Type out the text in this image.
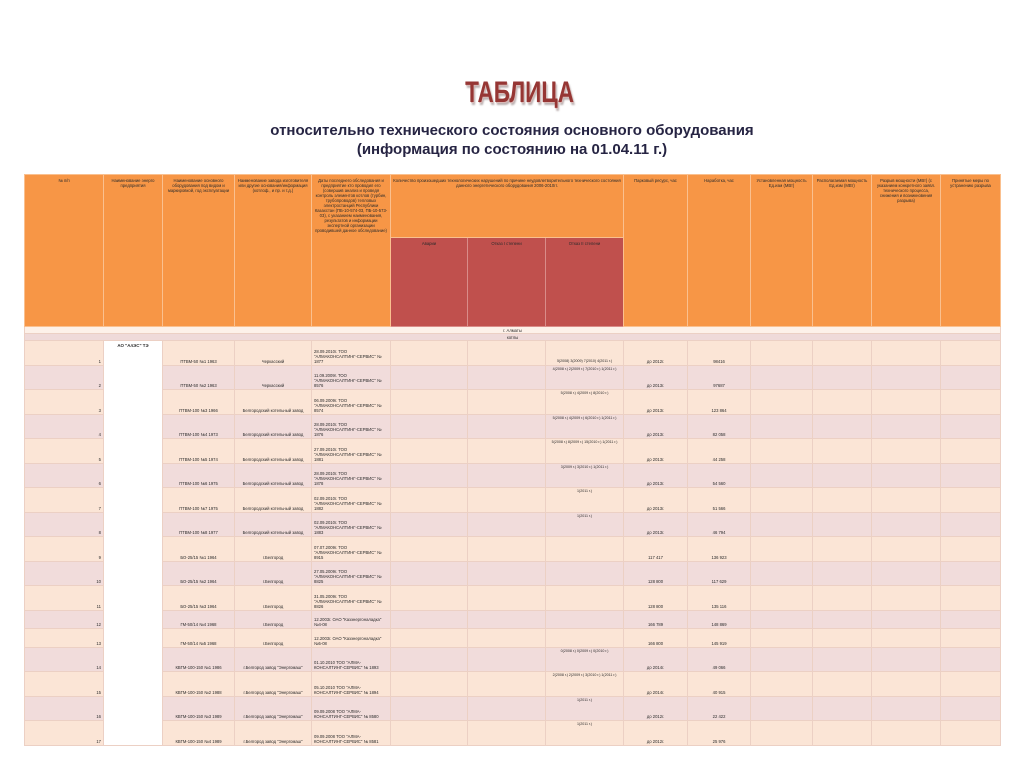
ТАБЛИЦА
относительно технического состояния основного оборудования
(информация по состоянию на 01.04.11 г.)
№ п/п	Наименование энерго предприятия	Наименование основного оборудования под видом и маркировкой, год эксплуатации	Наименование завода изготовителя или другие основания/информация (котлоф., и пр. и т.д.)	Даты последнего обследования и предприятие кто проводил его (совершив анализ и проведя контроль элементов котлов (турбин, трубопроводов) тепловых электростанций Республики Казахстан (ПБ-10-574-03, ПБ-10-573-03), с указанием наименования, результатов и информации экспертной организации проводившей данное обследование)	Количество произошедших технологических нарушений по причине неудовлетворительного технического состояния данного энергетического оборудования 2006-2010гг.			Парковый ресурс, час	Наработка, час	Установленная мощность Ед.изм (МВт)	Располагаемая мощность Ед.изм (МВт)	Разрыв мощности (МВт) (с указанием конкретного заявл. технического процесса, снижения и возникновения разрыва)	Принятые меры по устранению разрыва
					Аварии	Отказ I степени	Отказ II степени						
г. Алматы													
котлы													
1	АО "АлЭС" ТЭ	ПТВМ-50 №1 1963	Черкасский	28.09.2010г. ТОО "АЛМАКОНСАЛТИНГ-СЕРВИС" № 1877			5(2008) 3(2009) 7(2010) 4(2011 г.)	до 2012г.	98416				
2		ПТВМ-50 №2 1963	Черкасский	11.09.2009г. ТОО "АЛМАКОНСАЛТИНГ-СЕРВИС" № 8576			4(2008 г.) 2(2009 г.) 7(2010 г.) 1(2011 г.)	до 2013г.	97687				
3		ПТВМ-100 №3 1966	Белгородский котельный завод	06.09.2009г. ТОО "АЛМАКОНСАЛТИНГ-СЕРВИС" № 8574			5(2008 г.) 4(2009 г.) 8(2010 г.)	до 2013г.	123 864				
4		ПТВМ-100 №4 1973	Белгородский котельный завод	28.09.2010г. ТОО "АЛМАКОНСАЛТИНГ-СЕРВИС" № 1876			5(2008 г.) 4(2009 г.) 6(2010 г.) 1(2011 г.)	до 2013г.	82 058				
5		ПТВМ-100 №5 1974	Белгородский котельный завод	27.09.2010г. ТОО "АЛМАКОНСАЛТИНГ-СЕРВИС" № 1881			5(2008 г.) 8(2009 г.) 15(2010 г.) 1(2011 г.)	до 2013г.	44 258				
6		ПТВМ-100 №6 1975	Белгородский котельный завод	28.09.2010г. ТОО "АЛМАКОНСАЛТИНГ-СЕРВИС" № 1878			3(2009 г.) 3(2010 г.) 1(2011 г.)	до 2013г.	54 560				
7		ПТВМ-100 №7 1975	Белгородский котельный завод	02.09.2010г. ТОО "АЛМАКОНСАЛТИНГ-СЕРВИС" № 1882			1(2011 г.)	до 2013г.	51 566				
8		ПТВМ-100 №8 1977	Белгородский котельный завод	02.09.2010г. ТОО "АЛМАКОНСАЛТИНГ-СЕРВИС" № 1883			1(2011 г.)	до 2013г.	46 794				
9		БО-25/15 №1 1964	г.Белгород	07.07.2009г. ТОО "АЛМАКОНСАЛТИНГ-СЕРВИС" № 8915				117 417	136 923				
10		БО-25/15 №2 1964	г.Белгород	27.05.2009г. ТОО "АЛМАКОНСАЛТИНГ-СЕРВИС" № 8825				128 800	117 629				
11		БО-25/15 №3 1964	г.Белгород	31.05.2009г. ТОО "АЛМАКОНСАЛТИНГ-СЕРВИС" № 8826				128 800	135 116				
12		ГМ-50/14 №4 1968	г.Белгород	12.2003г. ОАО "Казэнергоналадка" №4-08				166 789	148 869				
13		ГМ-50/14 №5 1968	г.Белгород	12.2003г. ОАО "Казэнергоналадка" №5-08				166 800	145 919				
14		КВГМ-100-150 №1 1986	г.Белгород завод "Энергомаш"	01.10.2010 ТОО "АЛМА-КОНСАЛТИНГ-СЕРВИС" № 1893			0(2008 г.) 0(2009 г.) 0(2010 г.)	до 2014г.	49 066				
15		КВГМ-100-150 №2 1988	г.Белгород завод "Энергомаш"	05.10.2010 ТОО "АЛМА-КОНСАЛТИНГ-СЕРВИС" № 1894			2(2008 г.) 2(2009 г.) 3(2010 г.) 1(2011 г.)	до 2014г.	40 915				
16		КВГМ-100-150 №3 1989	г.Белгород завод "Энергомаш"	09.09.2008 ТОО "АЛМА-КОНСАЛТИНГ-СЕРВИС" № 8580			1(2011 г.)	до 2012г.	22 422				
17		КВГМ-100-150 №4 1989	г.Белгород завод "Энергомаш"	09.09.2008 ТОО "АЛМА-КОНСАЛТИНГ-СЕРВИС" № 8581			1(2011 г.)	до 2012г.	25 976				
